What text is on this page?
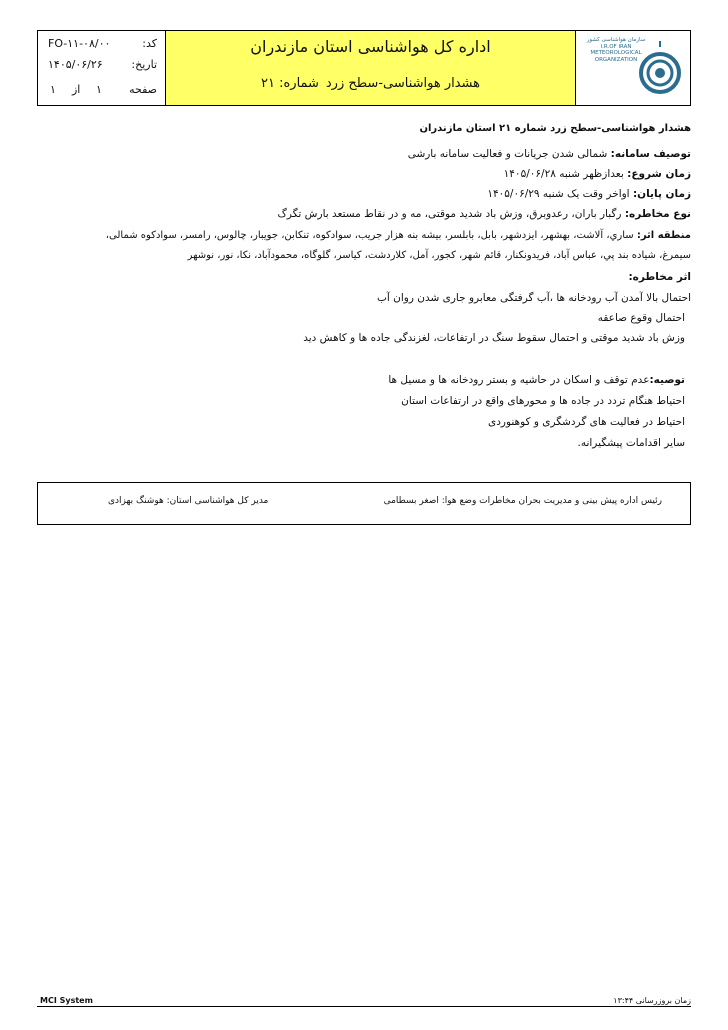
سازمان هواشناسی کشور
I.R.OF IRAN METEOROLOGICAL ORGANIZATION
اداره کل هواشناسی استان مازندران
هشدار هواشناسی-سطح زرد
شماره: ۲۱
کد:
FO-۱۱-۰۸/۰۰
تاریخ:
۱۴۰۵/۰۶/۲۶
صفحه
۱
از
۱
هشدار هواشناسی-سطح زرد شماره ۲۱ استان مازندران
توصیف سامانه: شمالی شدن جریانات و فعالیت سامانه بارشی
زمان شروع: بعدازظهر شنبه ۱۴۰۵/۰۶/۲۸
زمان پایان: اواخر وقت یک شنبه ۱۴۰۵/۰۶/۲۹
نوع مخاطره: رگبار باران، رعدوبرق، وزش باد شدید موقتی، مه و در نقاط مستعد بارش تگرگ
منطقه اثر: ساري، آلاشت، بهشهر، ایزدشهر، بابل، بابلسر، بیشه بنه هزار جریب، سوادکوه، تنکابن، جویبار، چالوس، رامسر، سوادکوه شمالی،
سیمرغ، شیاده بند پي، عباس آباد، فریدونکنار، قائم شهر، کجور، آمل، کلاردشت، کیاسر، گلوگاه، محمودآباد، نکا، نور، نوشهر
اثر مخاطره:
احتمال بالا آمدن آب رودخانه ها ،آب گرفتگی معابرو جاری شدن روان آب
احتمال وقوع صاعقه
وزش باد شدید موقتی و احتمال سقوط سنگ در ارتفاعات، لغزندگی جاده ها و کاهش دید
توصیه:عدم توقف و اسکان در حاشیه و بستر رودخانه ها و مسیل ها
احتیاط هنگام تردد در جاده ها و محورهای واقع در ارتفاعات استان
احتیاط در فعالیت های گردشگری و کوهنوردی
سایر اقدامات پیشگیرانه.
رئیس اداره پیش بینی و مدیریت بحران مخاطرات وضع هوا: اصغر بسطامی
مدیر کل هواشناسی استان: هوشنگ بهزادی
MCI System	زمان بروزرسانی ۱۳:۴۴
